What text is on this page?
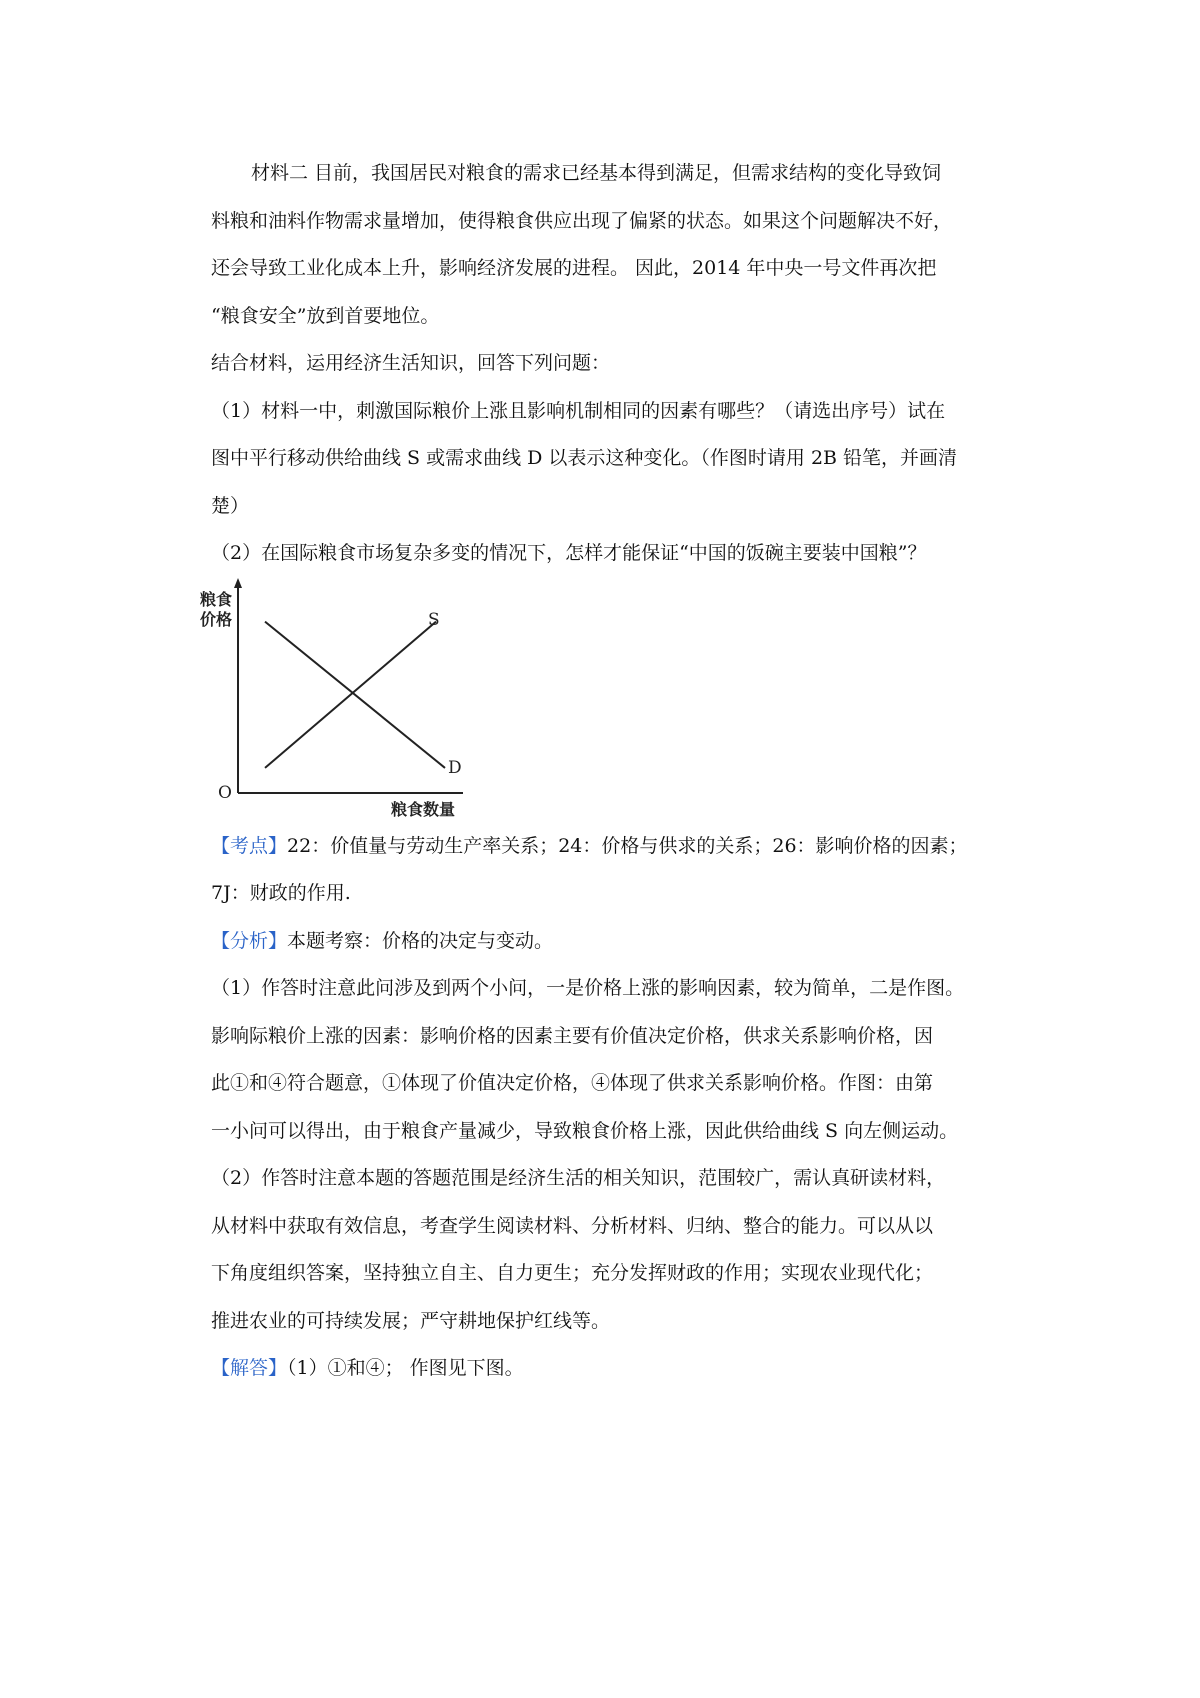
材料二 目前，我国居民对粮食的需求已经基本得到满足，但需求结构的变化导致饲

料粮和油料作物需求量增加，使得粮食供应出现了偏紧的状态。如果这个问题解决不好，

还会导致工业化成本上升，影响经济发展的进程。 因此，2014 年中央一号文件再次把

“粮食安全”放到首要地位。

结合材料，运用经济生活知识，回答下列问题：

（1）材料一中，刺激国际粮价上涨且影响机制相同的因素有哪些？（请选出序号）试在

图中平行移动供给曲线 S 或需求曲线 D 以表示这种变化。（作图时请用 2B 铅笔，并画清

楚）

（2）在国际粮食市场复杂多变的情况下，怎样才能保证“中国的饭碗主要装中国粮”？

粮食
价格
O
粮食数量
S
D

【考点】22：价值量与劳动生产率关系；24：价格与供求的关系；26：影响价格的因素；

7J：财政的作用.

【分析】本题考察：价格的决定与变动。

（1）作答时注意此问涉及到两个小问，一是价格上涨的影响因素，较为简单，二是作图。

影响际粮价上涨的因素：影响价格的因素主要有价值决定价格，供求关系影响价格，因

此①和④符合题意，①体现了价值决定价格，④体现了供求关系影响价格。作图：由第

一小问可以得出，由于粮食产量减少，导致粮食价格上涨，因此供给曲线 S 向左侧运动。

（2）作答时注意本题的答题范围是经济生活的相关知识，范围较广，需认真研读材料，

从材料中获取有效信息，考查学生阅读材料、分析材料、归纳、整合的能力。可以从以

下角度组织答案，坚持独立自主、自力更生；充分发挥财政的作用；实现农业现代化；

推进农业的可持续发展；严守耕地保护红线等。

【解答】（1）①和④； 作图见下图。
